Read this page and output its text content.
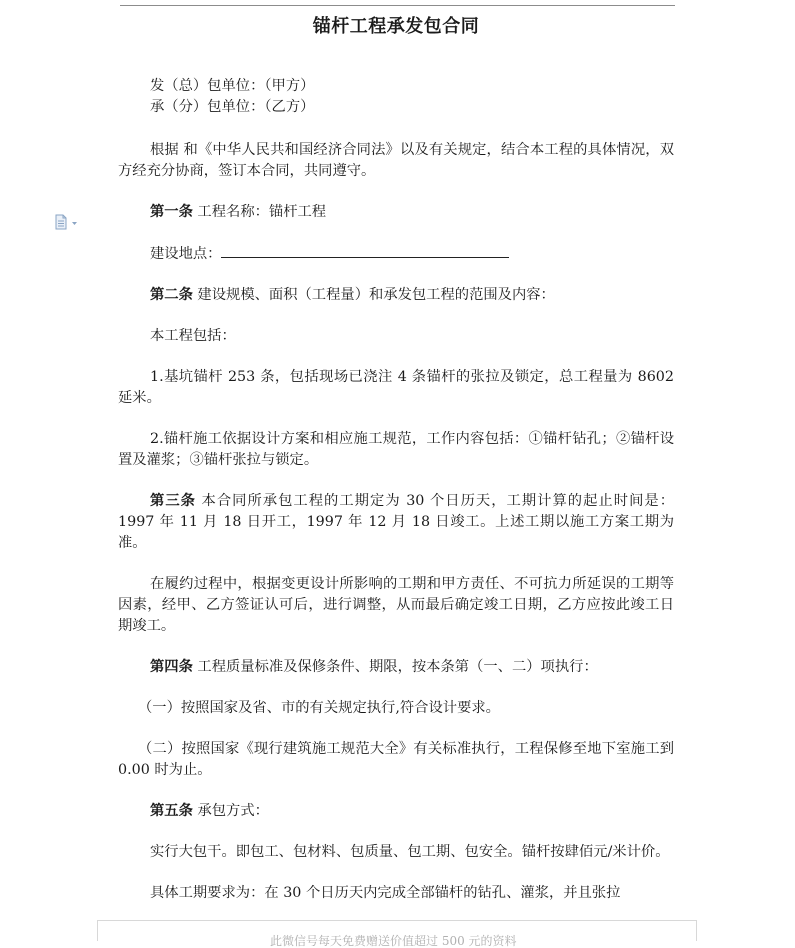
锚杆工程承发包合同

发（总）包单位：（甲方）

承（分）包单位：（乙方）

根据 和《中华人民共和国经济合同法》以及有关规定，结合本工程的具体情况，双方经充分协商，签订本合同，共同遵守。

第一条 工程名称：锚杆工程

建设地点：

第二条 建设规模、面积（工程量）和承发包工程的范围及内容：

本工程包括：

1.基坑锚杆 253 条，包括现场已浇注 4 条锚杆的张拉及锁定，总工程量为 8602 延米。

2.锚杆施工依据设计方案和相应施工规范，工作内容包括：①锚杆钻孔；②锚杆设置及灌浆；③锚杆张拉与锁定。

第三条 本合同所承包工程的工期定为 30 个日历天，工期计算的起止时间是：1997 年 11 月 18 日开工，1997 年 12 月 18 日竣工。上述工期以施工方案工期为准。

在履约过程中，根据变更设计所影响的工期和甲方责任、不可抗力所延误的工期等因素，经甲、乙方签证认可后，进行调整，从而最后确定竣工日期，乙方应按此竣工日期竣工。

第四条 工程质量标准及保修条件、期限，按本条第（一、二）项执行：

（一）按照国家及省、市的有关规定执行,符合设计要求。

（二）按照国家《现行建筑施工规范大全》有关标准执行，工程保修至地下室施工到 0.00 时为止。

第五条 承包方式：

实行大包干。即包工、包材料、包质量、包工期、包安全。锚杆按肆佰元/米计价。

具体工期要求为：在 30 个日历天内完成全部锚杆的钻孔、灌浆，并且张拉

此微信号每天免费赠送价值超过 500 元的资料
